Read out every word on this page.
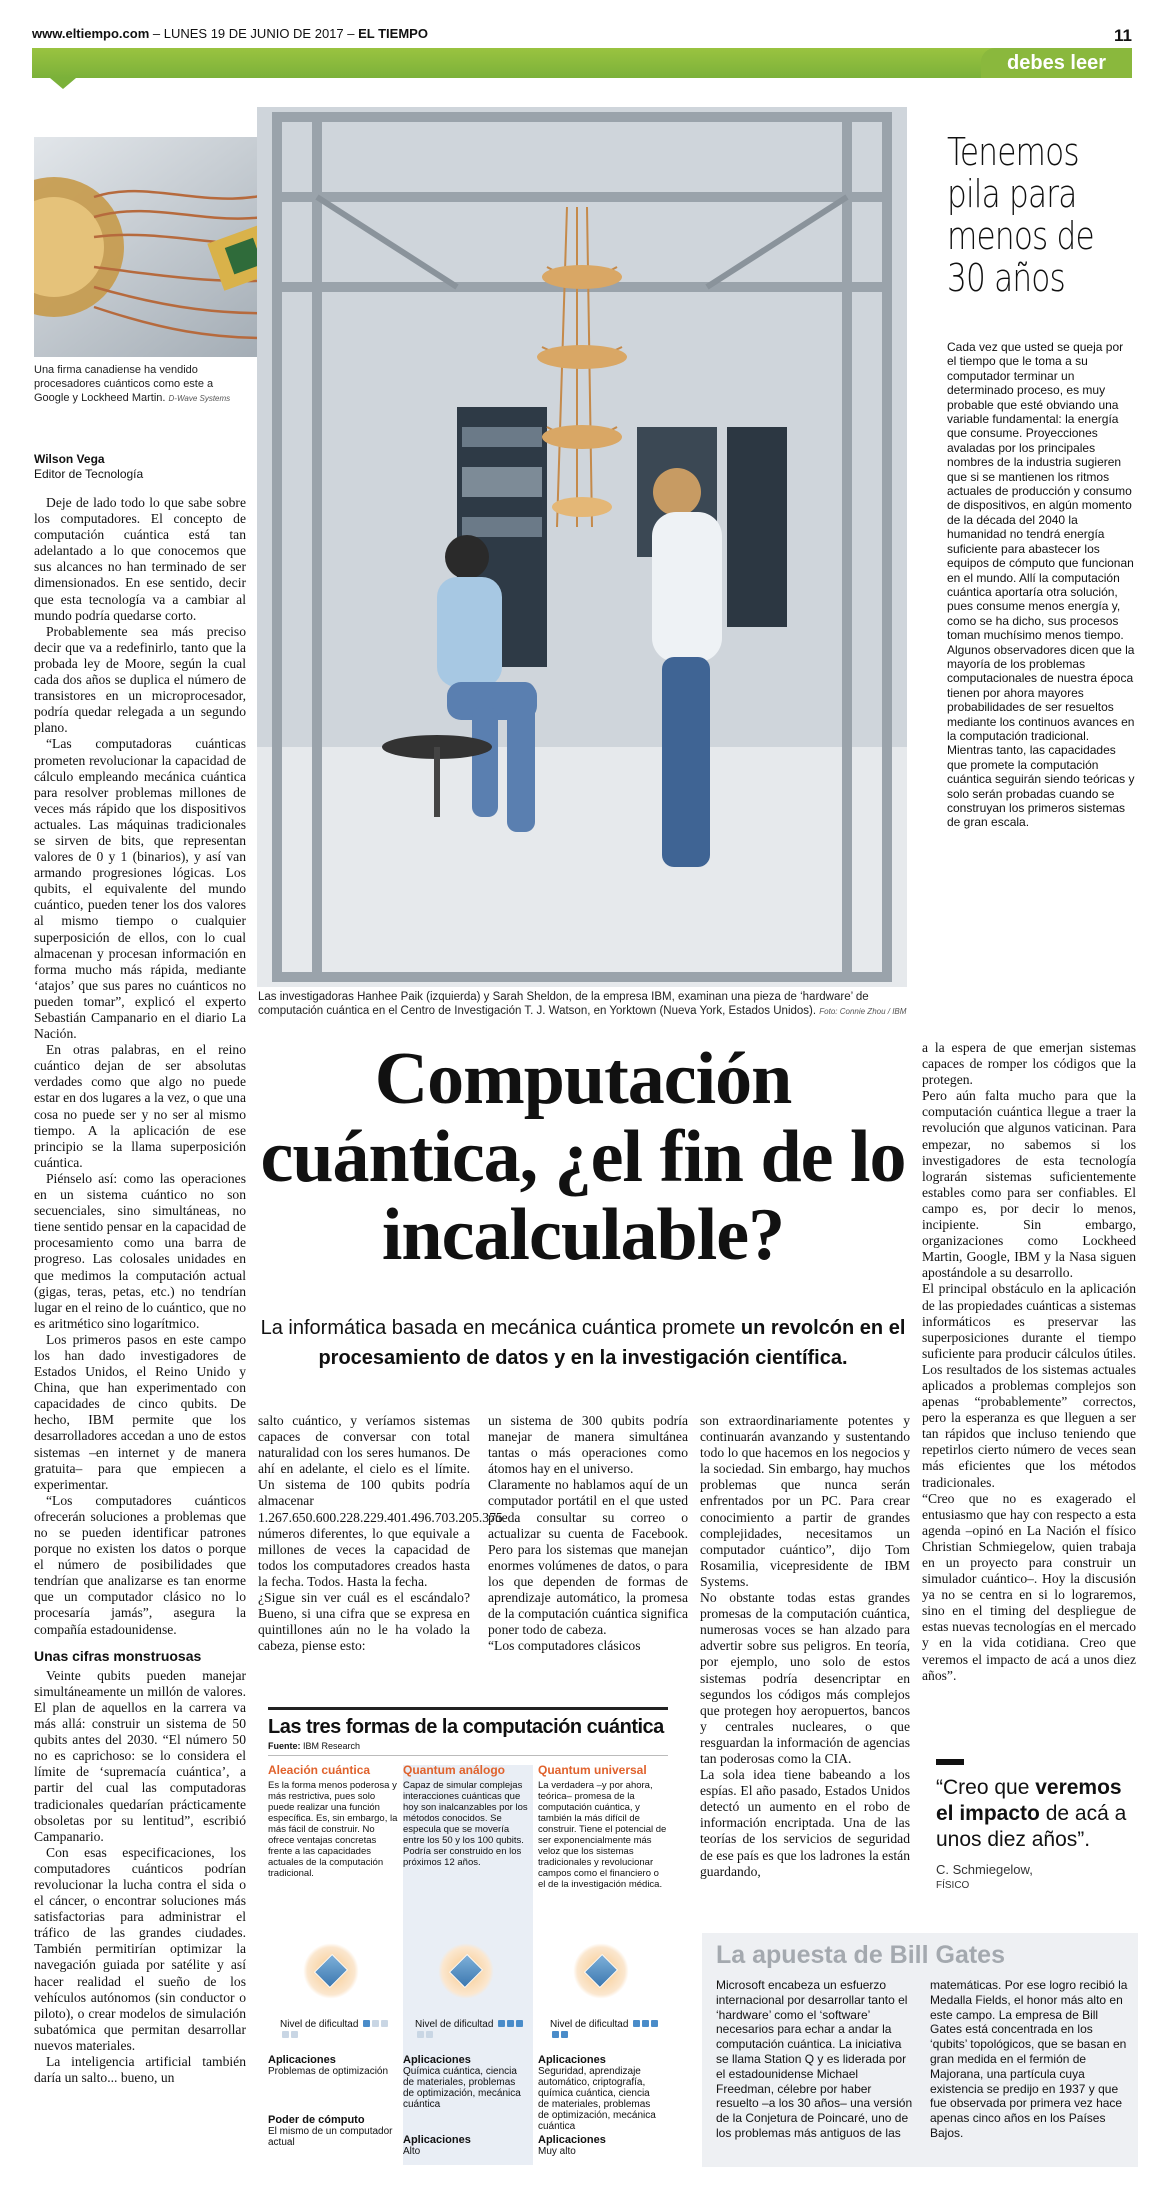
www.eltiempo.com – LUNES 19 DE JUNIO DE 2017 – EL TIEMPO	11
debes leer
Una firma canadiense ha vendido procesadores cuánticos como este a Google y Lockheed Martin. D-Wave Systems
Las investigadoras Hanhee Paik (izquierda) y Sarah Sheldon, de la empresa IBM, examinan una pieza de ‘hardware’ de computación cuántica en el Centro de Investigación T. J. Watson, en Yorktown (Nueva York, Estados Unidos). Foto: Connie Zhou / IBM
Wilson Vega
Editor de Tecnología

Deje de lado todo lo que sabe sobre los computadores. El concepto de computación cuántica está tan adelantado a lo que conocemos que sus alcances no han terminado de ser dimensionados. En ese sentido, decir que esta tecnología va a cambiar al mundo podría quedarse corto.

Probablemente sea más preciso decir que va a redefinirlo, tanto que la probada ley de Moore, según la cual cada dos años se duplica el número de transistores en un microprocesador, podría quedar relegada a un segundo plano.

“Las computadoras cuánticas prometen revolucionar la capacidad de cálculo empleando mecánica cuántica para resolver problemas millones de veces más rápido que los dispositivos actuales. Las máquinas tradicionales se sirven de bits, que representan valores de 0 y 1 (binarios), y así van armando progresiones lógicas. Los qubits, el equivalente del mundo cuántico, pueden tener los dos valores al mismo tiempo o cualquier superposición de ellos, con lo cual almacenan y procesan información en forma mucho más rápida, mediante ‘atajos’ que sus pares no cuánticos no pueden tomar”, explicó el experto Sebastián Campanario en el diario La Nación.

En otras palabras, en el reino cuántico dejan de ser absolutas verdades como que algo no puede estar en dos lugares a la vez, o que una cosa no puede ser y no ser al mismo tiempo. A la aplicación de ese principio se la llama superposición cuántica.

Piénselo así: como las operaciones en un sistema cuántico no son secuenciales, sino simultáneas, no tiene sentido pensar en la capacidad de procesamiento como una barra de progreso. Las colosales unidades en que medimos la computación actual (gigas, teras, petas, etc.) no tendrían lugar en el reino de lo cuántico, que no es aritmético sino logarítmico.

Los primeros pasos en este campo los han dado investigadores de Estados Unidos, el Reino Unido y China, que han experimentado con capacidades de cinco qubits. De hecho, IBM permite que los desarrolladores accedan a uno de estos sistemas –en internet y de manera gratuita– para que empiecen a experimentar.

“Los computadores cuánticos ofrecerán soluciones a problemas que no se pueden identificar patrones porque no existen los datos o porque el número de posibilidades que tendrían que analizarse es tan enorme que un computador clásico no lo procesaría jamás”, asegura la compañía estadounidense.

Unas cifras monstruosas

Veinte qubits pueden manejar simultáneamente un millón de valores. El plan de aquellos en la carrera va más allá: construir un sistema de 50 qubits antes del 2030. “El número 50 no es caprichoso: se lo considera el límite de ‘supremacía cuántica’, a partir del cual las computadoras tradicionales quedarían prácticamente obsoletas por su lentitud”, escribió Campanario.

Con esas especificaciones, los computadores cuánticos podrían revolucionar la lucha contra el sida o el cáncer, o encontrar soluciones más satisfactorias para administrar el tráfico de las grandes ciudades. También permitirían optimizar la navegación guiada por satélite y así hacer realidad el sueño de los vehículos autónomos (sin conductor o piloto), o crear modelos de simulación subatómica que permitan desarrollar nuevos materiales.

La inteligencia artificial también daría un salto... bueno, un

Tenemos pila para menos de 30 años
Cada vez que usted se queja por el tiempo que le toma a su computador terminar un determinado proceso, es muy probable que esté obviando una variable fundamental: la energía que consume. Proyecciones avaladas por los principales nombres de la industria sugieren que si se mantienen los ritmos actuales de producción y consumo de dispositivos, en algún momento de la década del 2040 la humanidad no tendrá energía suficiente para abastecer los equipos de cómputo que funcionan en el mundo. Allí la computación cuántica aportaría otra solución, pues consume menos energía y, como se ha dicho, sus procesos toman muchísimo menos tiempo. Algunos observadores dicen que la mayoría de los problemas computacionales de nuestra época tienen por ahora mayores probabilidades de ser resueltos mediante los continuos avances en la computación tradicional. Mientras tanto, las capacidades que promete la computación cuántica seguirán siendo teóricas y solo serán probadas cuando se construyan los primeros sistemas de gran escala.
Computación cuántica, ¿el fin de lo incalculable?
La informática basada en mecánica cuántica promete un revolcón en el procesamiento de datos y en la investigación científica.
salto cuántico, y veríamos sistemas capaces de conversar con total naturalidad con los seres humanos. De ahí en adelante, el cielo es el límite. Un sistema de 100 qubits podría almacenar 1.267.650.600.228.229.401.496.703.205.375 números diferentes, lo que equivale a millones de veces la capacidad de todos los computadores creados hasta la fecha. Todos. Hasta la fecha.
¿Sigue sin ver cuál es el escándalo? Bueno, si una cifra que se expresa en quintillones aún no le ha volado la cabeza, piense esto:
un sistema de 300 qubits podría manejar de manera simultánea tantas o más operaciones como átomos hay en el universo.
Claramente no hablamos aquí de un computador portátil en el que usted pueda consultar su correo o actualizar su cuenta de Facebook. Pero para los sistemas que manejan enormes volúmenes de datos, o para los que dependen de formas de aprendizaje automático, la promesa de la computación cuántica significa poner todo de cabeza.
“Los computadores clásicos
son extraordinariamente potentes y continuarán avanzando y sustentando todo lo que hacemos en los negocios y la sociedad. Sin embargo, hay muchos problemas que nunca serán enfrentados por un PC. Para crear conocimiento a partir de grandes complejidades, necesitamos un computador cuántico”, dijo Tom Rosamilia, vicepresidente de IBM Systems.
No obstante todas estas grandes promesas de la computación cuántica, numerosas voces se han alzado para advertir sobre sus peligros. En teoría, por ejemplo, uno solo de estos sistemas podría desencriptar en segundos los códigos más complejos que protegen hoy aeropuertos, bancos y centrales nucleares, o que resguardan la información de agencias tan poderosas como la CIA.
La sola idea tiene babeando a los espías. El año pasado, Estados Unidos detectó un aumento en el robo de información encriptada. Una de las teorías de los servicios de seguridad de ese país es que los ladrones la están guardando,
a la espera de que emerjan sistemas capaces de romper los códigos que la protegen.
Pero aún falta mucho para que la computación cuántica llegue a traer la revolución que algunos vaticinan. Para empezar, no sabemos si los investigadores de esta tecnología lograrán sistemas suficientemente estables como para ser confiables. El campo es, por decir lo menos, incipiente. Sin embargo, organizaciones como Lockheed Martin, Google, IBM y la Nasa siguen apostándole a su desarrollo.
El principal obstáculo en la aplicación de las propiedades cuánticas a sistemas informáticos es preservar las superposiciones durante el tiempo suficiente para producir cálculos útiles. Los resultados de los sistemas actuales aplicados a problemas complejos son apenas “probablemente” correctos, pero la esperanza es que lleguen a ser tan rápidos que incluso teniendo que repetirlos cierto número de veces sean más eficientes que los métodos tradicionales.
“Creo que no es exagerado el entusiasmo que hay con respecto a esta agenda –opinó en La Nación el físico Christian Schmiegelow, quien trabaja en un proyecto para construir un simulador cuántico–. Hoy la discusión ya no se centra en si lo lograremos, sino en el timing del despliegue de estas nuevas tecnologías en el mercado y en la vida cotidiana. Creo que veremos el impacto de acá a unos diez años”.
Las tres formas de la computación cuántica
Fuente: IBM Research
Aleación cuántica
Es la forma menos poderosa y más restrictiva, pues solo puede realizar una función específica. Es, sin embargo, la más fácil de construir. No ofrece ventajas concretas frente a las capacidades actuales de la computación tradicional.
Nivel de dificultad
Aplicaciones
Problemas de optimización
Poder de cómputo
El mismo de un computador actual
Quantum análogo
Capaz de simular complejas interacciones cuánticas que hoy son inalcanzables por los métodos conocidos. Se especula que se movería entre los 50 y los 100 qubits. Podría ser construido en los próximos 12 años.
Nivel de dificultad
Aplicaciones
Química cuántica, ciencia de materiales, problemas de optimización, mecánica cuántica
Aplicaciones
Alto
Quantum universal
La verdadera –y por ahora, teórica– promesa de la computación cuántica, y también la más difícil de construir. Tiene el potencial de ser exponencialmente más veloz que los sistemas tradicionales y revolucionar campos como el financiero o el de la investigación médica.
Nivel de dificultad
Aplicaciones
Seguridad, aprendizaje automático, criptografía, química cuántica, ciencia de materiales, problemas de optimización, mecánica cuántica
Aplicaciones
Muy alto
“Creo que veremos el impacto de acá a unos diez años”.
C. Schmiegelow,
FÍSICO
La apuesta de Bill Gates
Microsoft encabeza un esfuerzo internacional por desarrollar tanto el ‘hardware’ como el ‘software’ necesarios para echar a andar la computación cuántica. La iniciativa se llama Station Q y es liderada por el estadounidense Michael Freedman, célebre por haber resuelto –a los 30 años– una versión de la Conjetura de Poincaré, uno de los problemas más antiguos de las
matemáticas. Por ese logro recibió la Medalla Fields, el honor más alto en este campo. La empresa de Bill Gates está concentrada en los ‘qubits’ topológicos, que se basan en gran medida en el fermión de Majorana, una partícula cuya existencia se predijo en 1937 y que fue observada por primera vez hace apenas cinco años en los Países Bajos.
